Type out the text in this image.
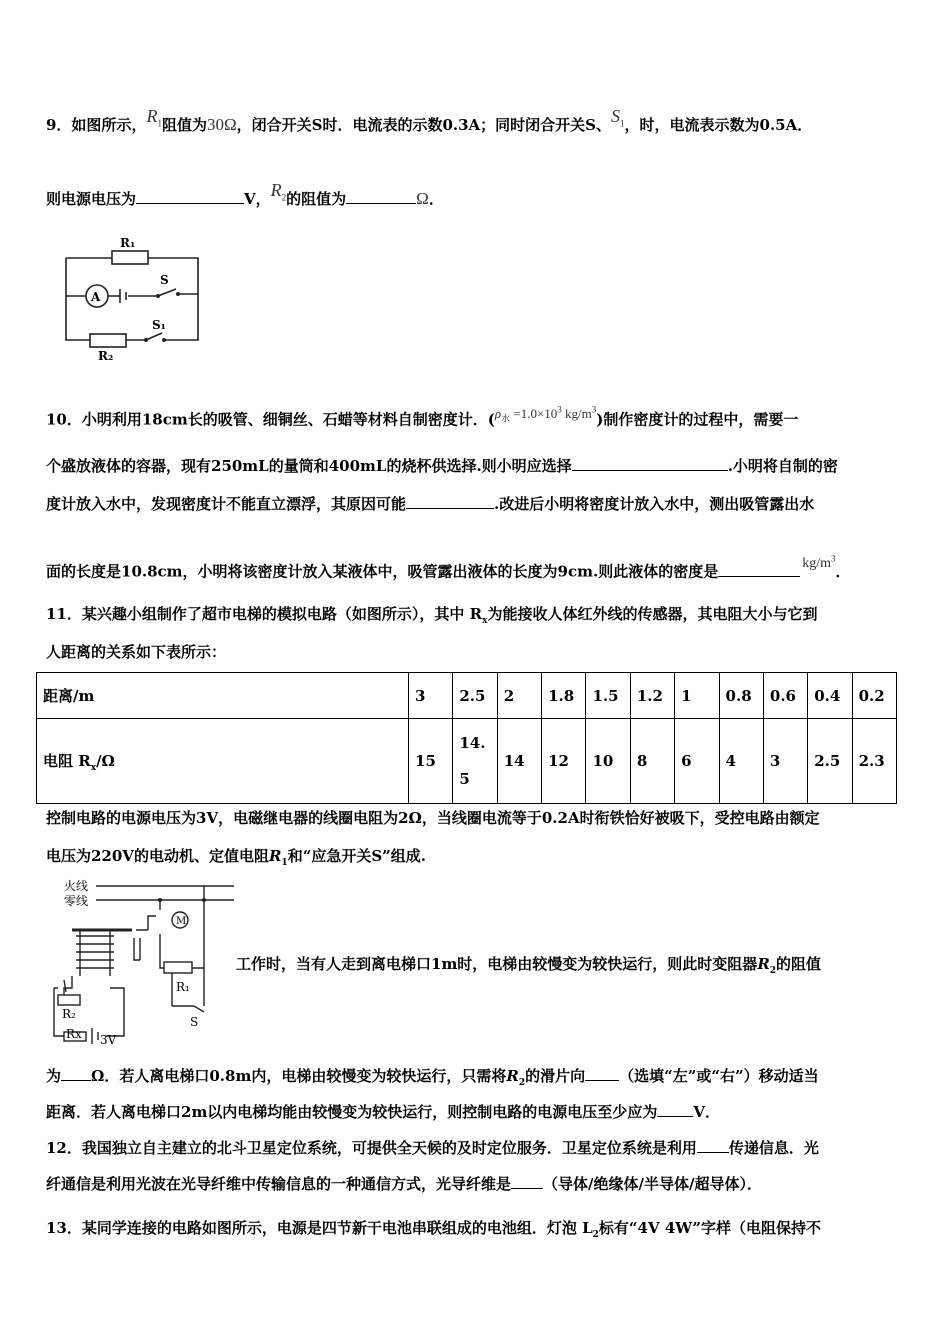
9．如图所示，$R_1$阻值为30Ω，闭合开关S时．电流表的示数0.3A；同时闭合开关S、$S_1$，时，电流表示数为0.5A．
则电源电压为	V，$R_2$的阻值为	Ω．
A
R₁
S
S₁
R₂
10．小明利用18cm长的吸管、细铜丝、石蜡等材料自制密度计．($\rho_水 =1.0\times 10^3$ $kg/m^3$)制作密度计的过程中，需要一
个盛放液体的容器，现有250mL的量筒和400mL的烧杯供选择.则小明应选择	.小明将自制的密
度计放入水中，发现密度计不能直立漂浮，其原因可能	.改进后小明将密度计放入水中，测出吸管露出水
面的长度是10.8cm，小明将该密度计放入某液体中，吸管露出液体的长度为9cm.则此液体的密度是	$kg/m^3$．
11．某兴趣小组制作了超市电梯的模拟电路（如图所示），其中 $R_x$为能接收人体红外线的传感器，其电阻大小与它到
人距离的关系如下表所示：
距离/m	3	2.5	2	1.8	1.5	1.2	1	0.8	0.6	0.4	0.2
电阻 $R_x/\Omega$	15	14.
5	14	12	10	8	6	4	3	2.5	2.3
控制电路的电源电压为3V，电磁继电器的线圈电阻为2Ω，当线圈电流等于0.2A时衔铁恰好被吸下，受控电路由额定
电压为220V的电动机、定值电阻$R_1$和“应急开关S”组成.
火线
零线
M
R₁
R₂
Rx 3V
S
工作时，当有人走到离电梯口1m时，电梯由较慢变为较快运行，则此时变阻器$R_2$的阻值
为 Ω．若人离电梯口0.8m内，电梯由较慢变为较快运行，只需将$R_2$的滑片向 （选填“左”或“右”）移动适当
距离．若人离电梯口2m以内电梯均能由较慢变为较快运行，则控制电路的电源电压至少应为 V．
12．我国独立自主建立的北斗卫星定位系统，可提供全天候的及时定位服务．卫星定位系统是利用 传递信息．光
纤通信是利用光波在光导纤维中传输信息的一种通信方式，光导纤维是 （导体/绝缘体/半导体/超导体）．
13．某同学连接的电路如图所示，电源是四节新干电池串联组成的电池组．灯泡 $L_2$标有“4V 4W”字样（电阻保持不
